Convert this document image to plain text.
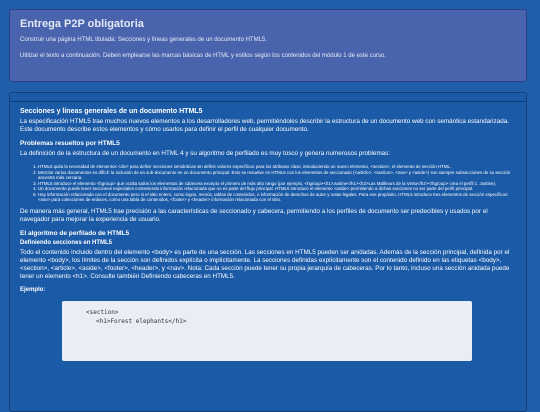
Entrega P2P obligatoria

Construir una página HTML titulada: Secciones y líneas generales de un documento HTML5.

Utilizar el texto a continuación. Deben emplearse las marcas básicas de HTML y estilos según los contenidos del módulo 1 de este curso.

Secciones y líneas generales de un documento HTML5

La especificación HTML5 trae muchos nuevos elementos a los desarrolladores web, permitiéndoles describir la estructura de un documento web con semántica estandarizada. Este documento describe estos elementos y cómo usarlos para definir el perfil de cualquier documento.

Problemas resueltos por HTML5

La definición de la estructura de un documento en HTML 4 y su algoritmo de perfilado es muy tosco y genera numerosos problemas:

1. HTML5 quita la necesidad de elementos <div> para definir secciones semánticas sin definir valores específicos para los atributos class, introduciendo un nuevo elemento, <section>, el elemento de sección HTML.
2. Mezclar varios documentos es difícil: la inclusión de un sub-documento en un documento principal. Esto se resuelve en HTML5 con los elementos de seccionado (<article>, <section>, <nav> y <aside>) son siempre subsecciones de su sección ancestra más cercana.
3. HTML5 introduce el elemento <hgroup> que oculta todos los elementos de cabecera excepto el primero de más alto rango (por ejemplo, <hgroup><h1>Justine</h1><h2>Las Malheurs de la Vertu</h2></hgroup> crea el perfil 1. Justine).
4. Un documento puede tener secciones especiales conteniendo información relacionada que no es parte del flujo principal. HTML5 introduce el elemento <aside> permitiendo a dichas secciones no ser parte del perfil principal.
5. Hay información relacionada con el documento pero si el sitio entero, como logos, menús, tablas de contenidos, o información de derechos de autor y notas legales. Para ese propósito, HTML5 introduce tres elementos de sección específicos: <nav> para colecciones de enlaces, como una tabla de contenidos, <footer> y <header> información relacionada con el sitio.

De manera más general, HTML5 trae precisión a las características de seccionado y cabecera, permitiendo a los perfiles de documento ser predecibles y usados por el navegador para mejorar la experiencia de usuario.

El algoritmo de perfilado de HTML5
Definiendo secciones en HTML5

Todo el contenido incluido dentro del elemento <body> es parte de una sección. Las secciones en HTML5 pueden ser anidadas. Además de la sección principal, definida por el elemento <body>, los límites de la sección son definidos explícita o implícitamente. La secciones definidas explícitamente son el contenido definido en las etiquetas <body>, <section>, <article>, <aside>, <footer>, <header>, y <nav>. Nota: Cada sección puede tener su propia jerarquía de cabeceras. Por lo tanto, incluso una sección anidada puede tener un elemento <h1>. Consulte también Definiendo cabeceras en HTML5.

Ejemplo:
<section>
<h1>Forest elephants</h1>
